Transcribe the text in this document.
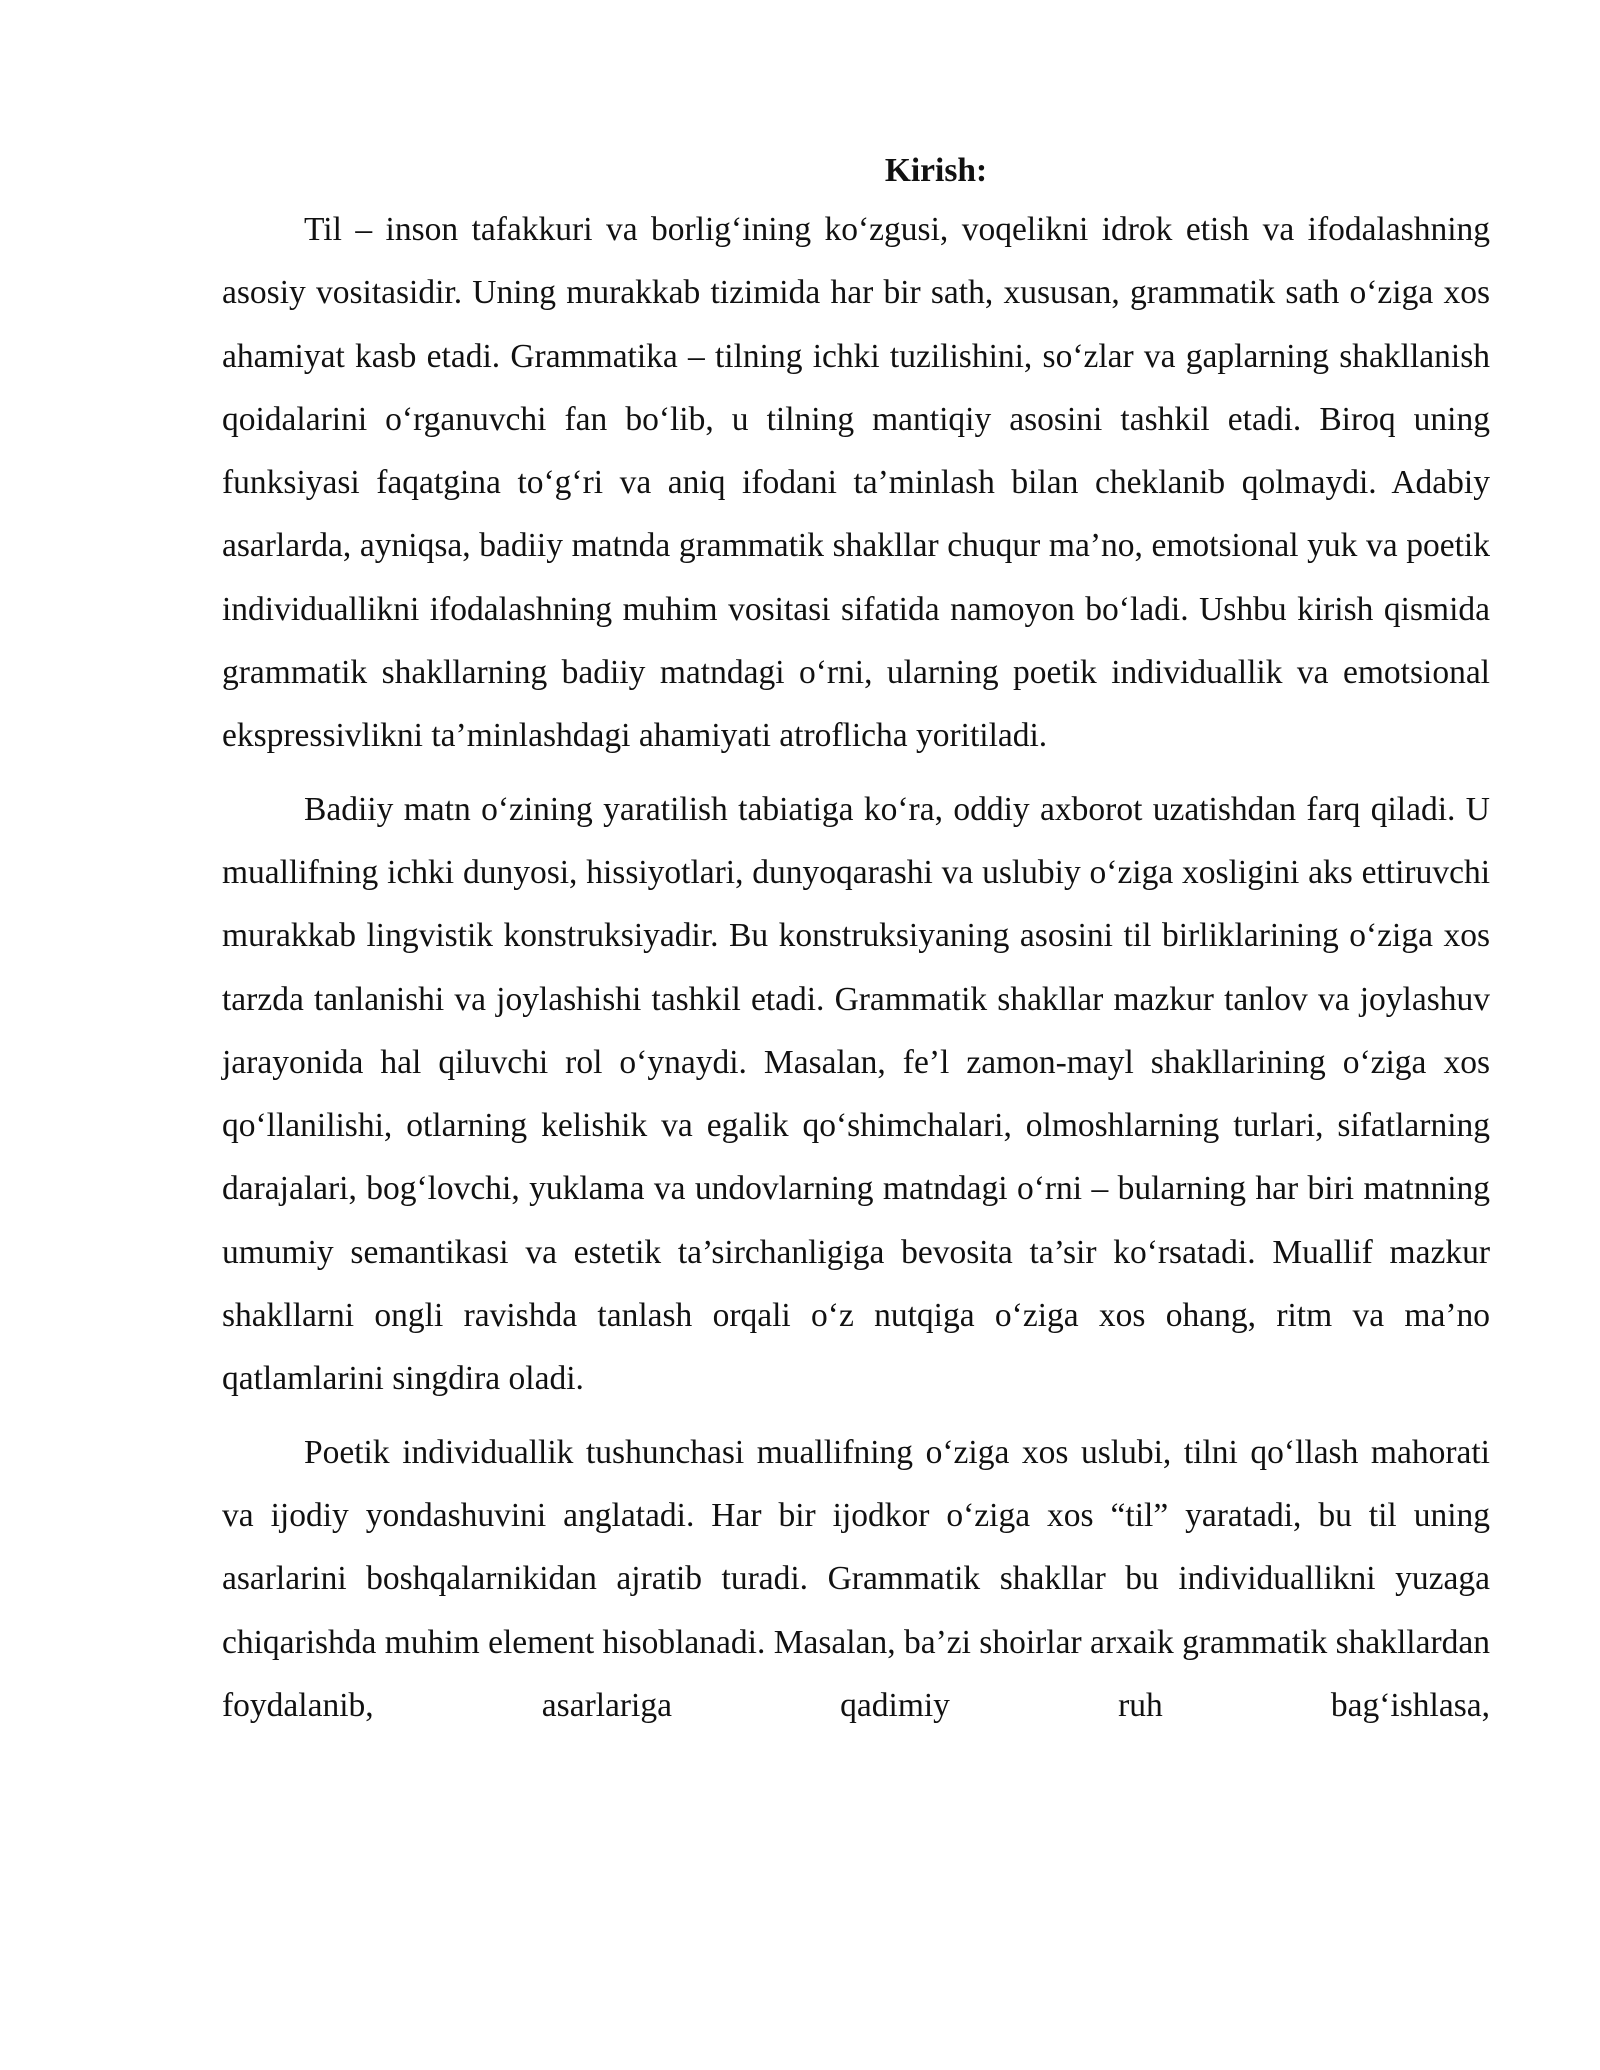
Kirish:

Til – inson tafakkuri va borlig‘ining ko‘zgusi, voqelikni idrok etish va ifodalashning asosiy vositasidir. Uning murakkab tizimida har bir sath, xususan, grammatik sath o‘ziga xos ahamiyat kasb etadi. Grammatika – tilning ichki tuzilishini, so‘zlar va gaplarning shakllanish qoidalarini o‘rganuvchi fan bo‘lib, u tilning mantiqiy asosini tashkil etadi. Biroq uning funksiyasi faqatgina to‘g‘ri va aniq ifodani ta’minlash bilan cheklanib qolmaydi. Adabiy asarlarda, ayniqsa, badiiy matnda grammatik shakllar chuqur ma’no, emotsional yuk va poetik individuallikni ifodalashning muhim vositasi sifatida namoyon bo‘ladi. Ushbu kirish qismida grammatik shakllarning badiiy matndagi o‘rni, ularning poetik individuallik va emotsional ekspressivlikni ta’minlashdagi ahamiyati atroflicha yoritiladi.

Badiiy matn o‘zining yaratilish tabiatiga ko‘ra, oddiy axborot uzatishdan farq qiladi. U muallifning ichki dunyosi, hissiyotlari, dunyoqarashi va uslubiy o‘ziga xosligini aks ettiruvchi murakkab lingvistik konstruksiyadir. Bu konstruksiyaning asosini til birliklarining o‘ziga xos tarzda tanlanishi va joylashishi tashkil etadi. Grammatik shakllar mazkur tanlov va joylashuv jarayonida hal qiluvchi rol o‘ynaydi. Masalan, fe’l zamon-mayl shakllarining o‘ziga xos qo‘llanilishi, otlarning kelishik va egalik qo‘shimchalari, olmoshlarning turlari, sifatlarning darajalari, bog‘lovchi, yuklama va undovlarning matndagi o‘rni – bularning har biri matnning umumiy semantikasi va estetik ta’sirchanligiga bevosita ta’sir ko‘rsatadi. Muallif mazkur shakllarni ongli ravishda tanlash orqali o‘z nutqiga o‘ziga xos ohang, ritm va ma’no qatlamlarini singdira oladi.

Poetik individuallik tushunchasi muallifning o‘ziga xos uslubi, tilni qo‘llash mahorati va ijodiy yondashuvini anglatadi. Har bir ijodkor o‘ziga xos “til” yaratadi, bu til uning asarlarini boshqalarnikidan ajratib turadi. Grammatik shakllar bu individuallikni yuzaga chiqarishda muhim element hisoblanadi. Masalan, ba’zi shoirlar arxaik grammatik shakllardan foydalanib, asarlariga qadimiy ruh bag‘ishlasa,
